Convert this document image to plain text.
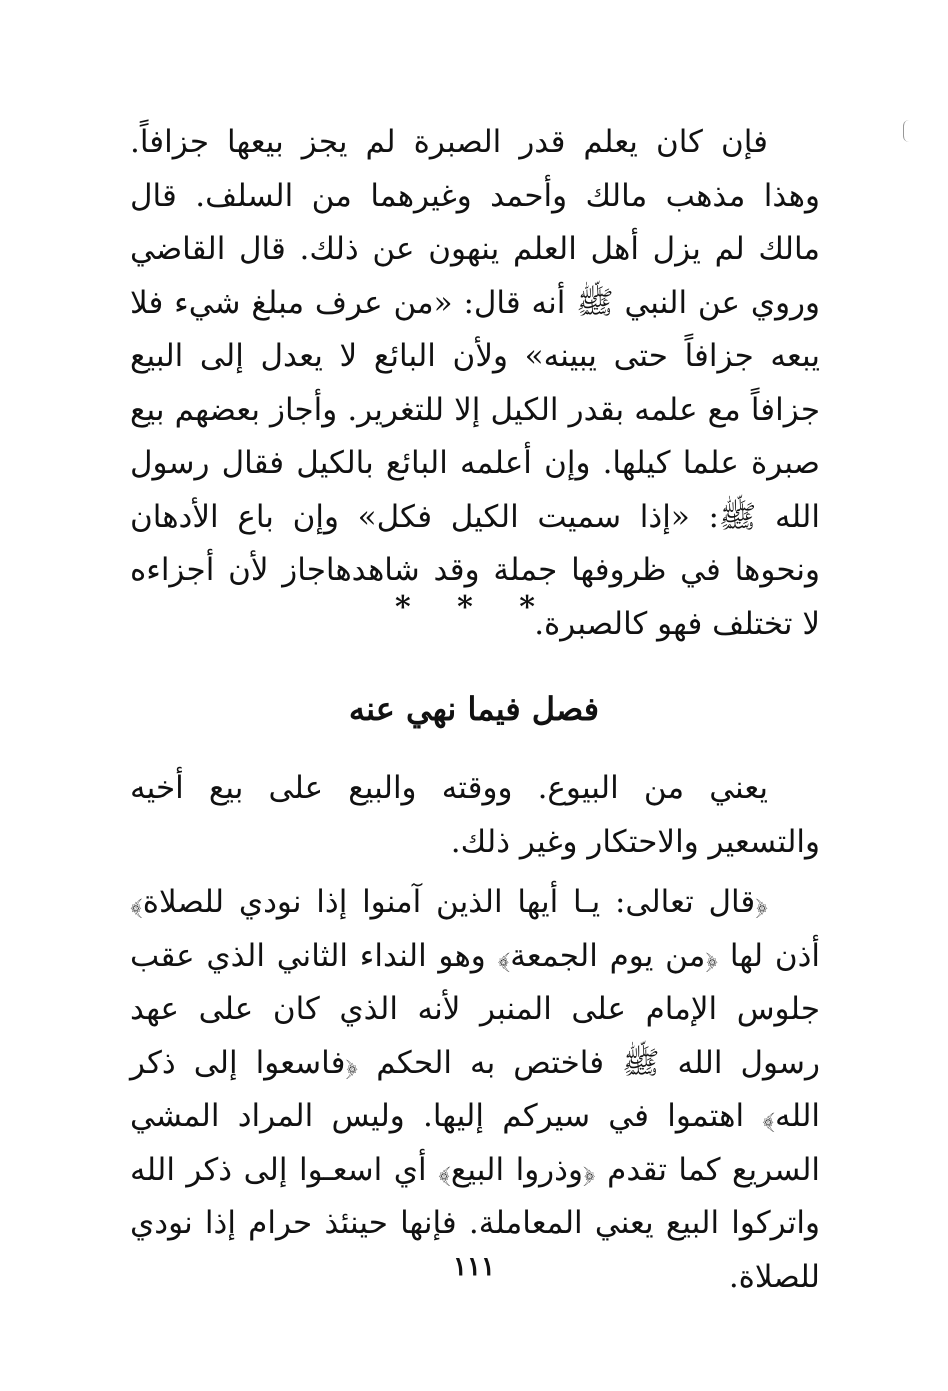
فإن كان يعلم قدر الصبرة لم يجز بيعها جزافاً. وهذا مذهب مالك وأحمد وغيرهما من السلف. قال مالك لم يزل أهل العلم ينهون عن ذلك. قال القاضي وروي عن النبي ﷺ أنه قال: «من عرف مبلغ شيء فلا يبعه جزافاً حتى يبينه» ولأن البائع لا يعدل إلى البيع جزافاً مع علمه بقدر الكيل إلا للتغرير. وأجاز بعضهم بيع صبرة علما كيلها. وإن أعلمه البائع بالكيل فقال رسول الله ﷺ: «إذا سميت الكيل فكل» وإن باع الأدهان ونحوها في ظروفها جملة وقد شاهدهاجاز لأن أجزاءه لا تختلف فهو كالصبرة.

* * *
فصل فيما نهي عنه

يعني من البيوع. ووقته والبيع على بيع أخيه والتسعير والاحتكار وغير ذلك.

﴿قال تعالى: يـا أيها الذين آمنوا إذا نودي للصلاة﴾ أذن لها ﴿من يوم الجمعة﴾ وهو النداء الثاني الذي عقب جلوس الإمام على المنبر لأنه الذي كان على عهد رسول الله ﷺ فاختص به الحكم ﴿فاسعوا إلى ذكر الله﴾ اهتموا في سيركم إليها. وليس المراد المشي السريع كما تقدم ﴿وذروا البيع﴾ أي اسعـوا إلى ذكر الله واتركوا البيع يعني المعاملة. فإنها حينئذ حرام إذا نودي للصلاة.

١١١
